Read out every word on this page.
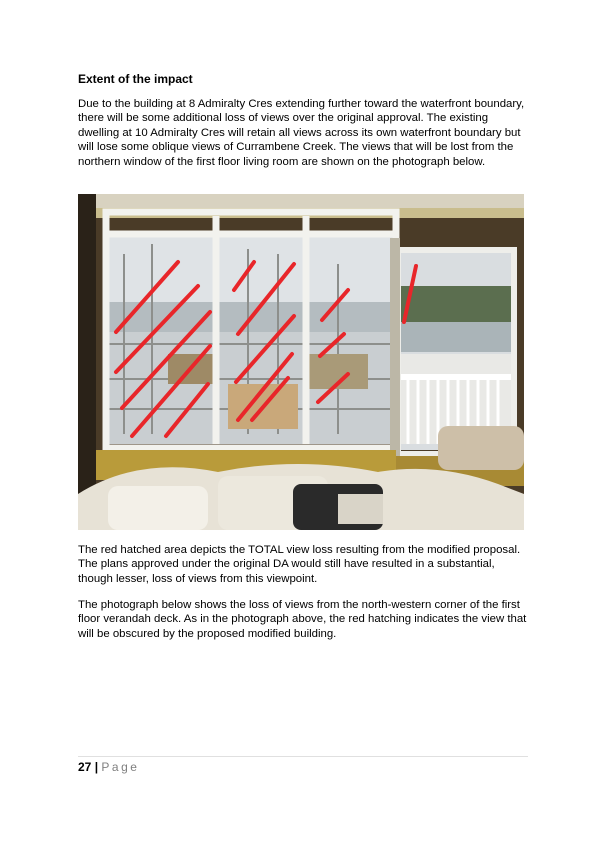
Extent of the impact

Due to the building at 8 Admiralty Cres extending further toward the waterfront boundary, there will be some additional loss of views over the original approval. The existing dwelling at 10 Admiralty Cres will retain all views across its own waterfront boundary but will lose some oblique views of Currambene Creek. The views that will be lost from the northern window of the first floor living room are shown on the photograph below.

The red hatched area depicts the TOTAL view loss resulting from the modified proposal. The plans approved under the original DA would still have resulted in a substantial, though lesser, loss of views from this viewpoint.

The photograph below shows the loss of views from the north-western corner of the first floor verandah deck. As in the photograph above, the red hatching indicates the view that will be obscured by the proposed modified building.

27 | Page
